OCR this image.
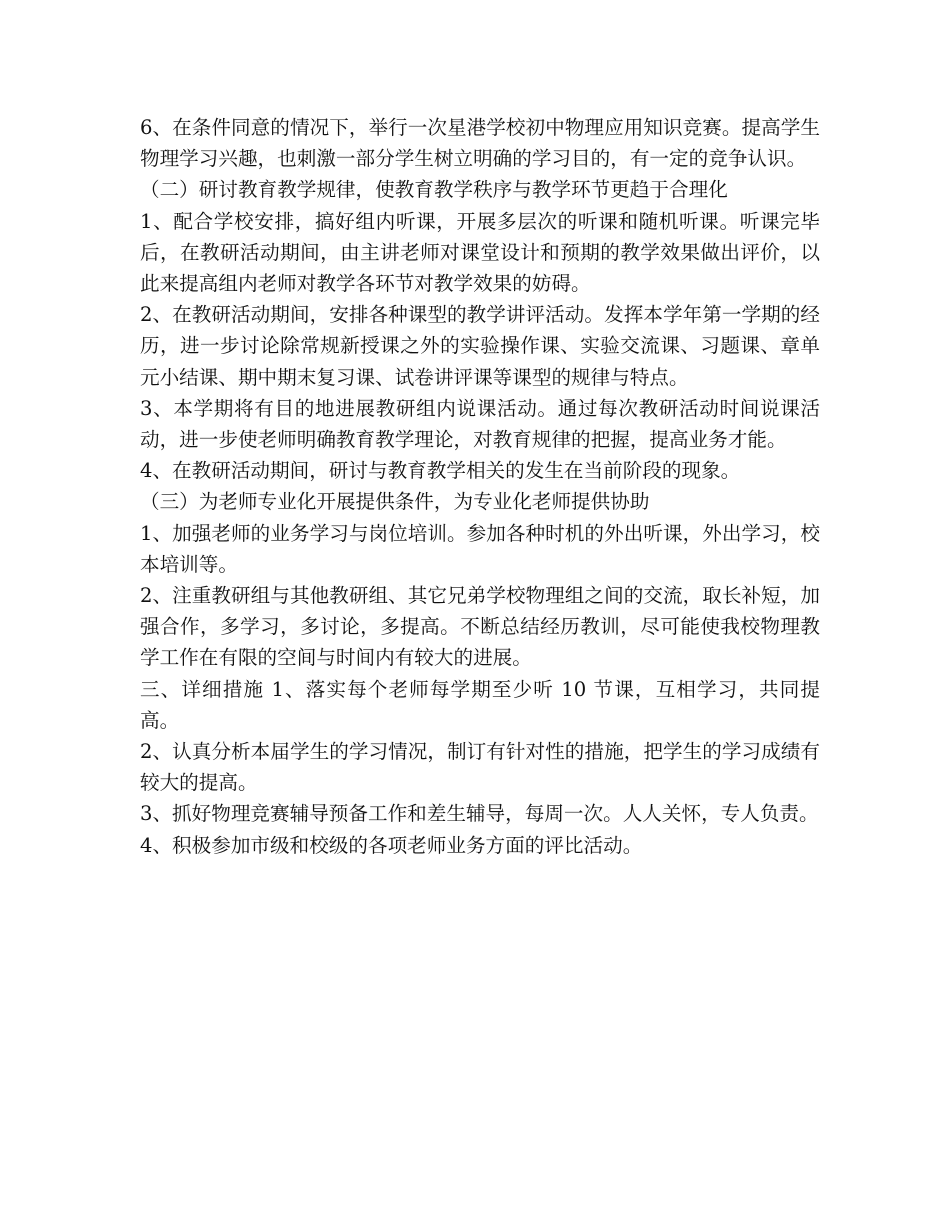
6、在条件同意的情况下，举行一次星港学校初中物理应用知识竞赛。提高学生物理学习兴趣，也刺激一部分学生树立明确的学习目的，有一定的竞争认识。

（二）研讨教育教学规律，使教育教学秩序与教学环节更趋于合理化

1、配合学校安排，搞好组内听课，开展多层次的听课和随机听课。听课完毕后，在教研活动期间，由主讲老师对课堂设计和预期的教学效果做出评价，以此来提高组内老师对教学各环节对教学效果的妨碍。

2、在教研活动期间，安排各种课型的教学讲评活动。发挥本学年第一学期的经历，进一步讨论除常规新授课之外的实验操作课、实验交流课、习题课、章单元小结课、期中期末复习课、试卷讲评课等课型的规律与特点。

3、本学期将有目的地进展教研组内说课活动。通过每次教研活动时间说课活动，进一步使老师明确教育教学理论，对教育规律的把握，提高业务才能。

4、在教研活动期间，研讨与教育教学相关的发生在当前阶段的现象。

（三）为老师专业化开展提供条件，为专业化老师提供协助

1、加强老师的业务学习与岗位培训。参加各种时机的外出听课，外出学习，校本培训等。

2、注重教研组与其他教研组、其它兄弟学校物理组之间的交流，取长补短，加强合作，多学习，多讨论，多提高。不断总结经历教训，尽可能使我校物理教学工作在有限的空间与时间内有较大的进展。

三、详细措施 1、落实每个老师每学期至少听 10 节课，互相学习，共同提高。

2、认真分析本届学生的学习情况，制订有针对性的措施，把学生的学习成绩有较大的提高。

3、抓好物理竞赛辅导预备工作和差生辅导，每周一次。人人关怀，专人负责。

4、积极参加市级和校级的各项老师业务方面的评比活动。
